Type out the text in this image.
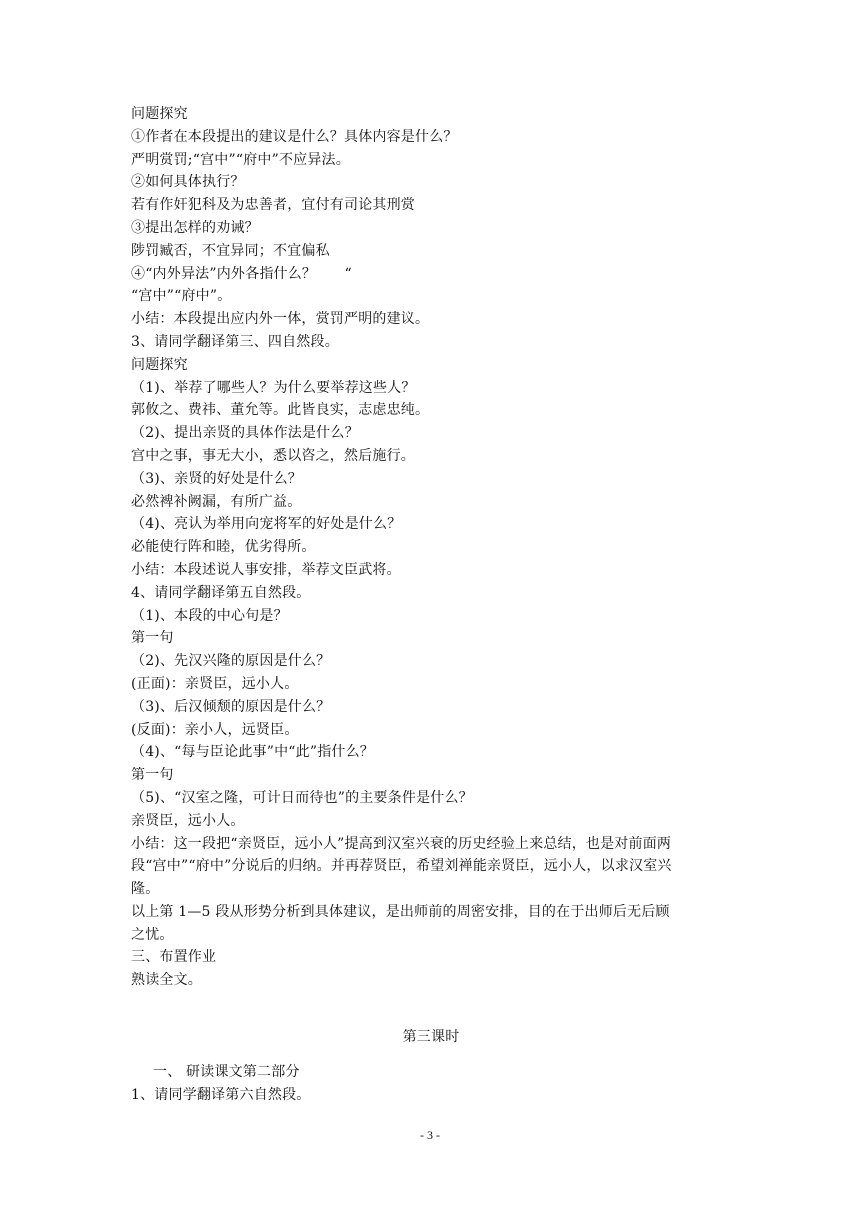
问题探究
①作者在本段提出的建议是什么？具体内容是什么？
严明赏罚;“宫中”“府中”不应异法。
②如何具体执行？
若有作奸犯科及为忠善者，宜付有司论其刑赏
③提出怎样的劝诫？
陟罚臧否，不宜异同；不宜偏私
④“内外异法”内外各指什么？　　“
“宫中”“府中”。
小结：本段提出应内外一体，赏罚严明的建议。
3、请同学翻译第三、四自然段。
问题探究
（1)、举荐了哪些人？为什么要举荐这些人？
郭攸之、费祎、董允等。此皆良实，志虑忠纯。
（2)、提出亲贤的具体作法是什么？
宫中之事，事无大小，悉以咨之，然后施行。
（3)、亲贤的好处是什么？
必然裨补阙漏，有所广益。
（4)、亮认为举用向宠将军的好处是什么？
必能使行阵和睦，优劣得所。
小结：本段述说人事安排，举荐文臣武将。
4、请同学翻译第五自然段。
（1)、本段的中心句是？
第一句
（2)、先汉兴隆的原因是什么？
(正面)：亲贤臣，远小人。
（3)、后汉倾颓的原因是什么？
(反面)：亲小人，远贤臣。
（4)、“每与臣论此事”中“此”指什么？
第一句
（5)、“汉室之隆，可计日而待也”的主要条件是什么？
亲贤臣，远小人。
小结：这一段把“亲贤臣，远小人”提高到汉室兴衰的历史经验上来总结，也是对前面两
段“宫中”“府中”分说后的归纳。并再荐贤臣，希望刘禅能亲贤臣，远小人，以求汉室兴
隆。
以上第 1—5 段从形势分析到具体建议，是出师前的周密安排，目的在于出师后无后顾
之忧。
三、布置作业
熟读全文。
第三课时
一、 研读课文第二部分
1、请同学翻译第六自然段。
- 3 -
